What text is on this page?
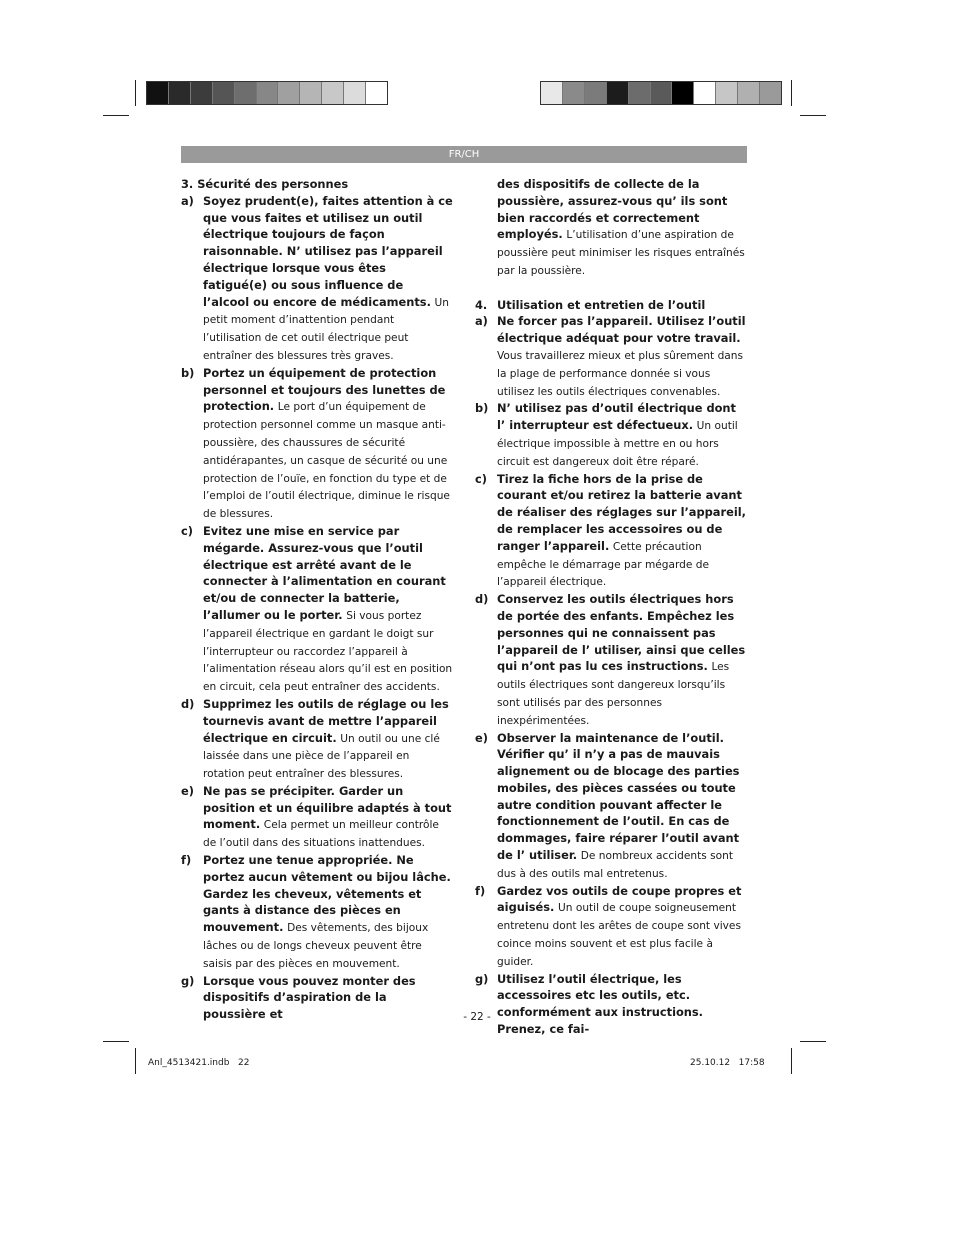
FR/CH

3. Sécurité des personnes

a) Soyez prudent(e), faites attention à ce que vous faites et utilisez un outil électrique toujours de façon raisonnable. N’ utilisez pas l’appareil électrique lorsque vous êtes fatigué(e) ou sous influence de l’alcool ou encore de médicaments. Un petit moment d’inattention pendant l’utilisation de cet outil électrique peut entraîner des blessures très graves.
b) Portez un équipement de protection personnel et toujours des lunettes de protection. Le port d’un équipement de protection personnel comme un masque anti-poussière, des chaussures de sécurité antidérapantes, un casque de sécurité ou une protection de l’ouïe, en fonction du type et de l’emploi de l’outil électrique, diminue le risque de blessures.
c) Evitez une mise en service par mégarde. Assurez-vous que l’outil électrique est arrêté avant de le connecter à l’alimentation en courant et/ou de connecter la batterie, l’allumer ou le porter. Si vous portez l’appareil électrique en gardant le doigt sur l’interrupteur ou raccordez l’appareil à l’alimentation réseau alors qu’il est en position en circuit, cela peut entraîner des accidents.
d) Supprimez les outils de réglage ou les tournevis avant de mettre l’appareil électrique en circuit. Un outil ou une clé laissée dans une pièce de l’appareil en rotation peut entraîner des blessures.
e) Ne pas se précipiter. Garder un position et un équilibre adaptés à tout moment. Cela permet un meilleur contrôle de l’outil dans des situations inattendues.
f)	Portez une tenue appropriée. Ne portez aucun vêtement ou bijou lâche. Gardez les cheveux, vêtements et gants à distance des pièces en mouvement. Des vêtements, des bijoux lâches ou de longs cheveux peuvent être saisis par des pièces en mouvement.
g) Lorsque vous pouvez monter des dispositifs d’aspiration de la poussière et
des dispositifs de collecte de la poussière, assurez-vous qu’ ils sont bien raccordés et correctement employés. L’utilisation d’une aspiration de poussière peut minimiser les risques entraînés par la poussière.
4. Utilisation et entretien de l’outil
a) Ne forcer pas l’appareil. Utilisez l’outil électrique adéquat pour votre travail. Vous travaillerez mieux et plus sûrement dans la plage de performance donnée si vous utilisez les outils électriques convenables.
b) N’ utilisez pas d’outil électrique dont l’ interrupteur est défectueux. Un outil électrique impossible à mettre en ou hors circuit est dangereux doit être réparé.
c) Tirez la fiche hors de la prise de courant et/ou retirez la batterie avant de réaliser des réglages sur l’appareil, de remplacer les accessoires ou de ranger l’appareil. Cette précaution empêche le démarrage par mégarde de l’appareil électrique.
d) Conservez les outils électriques hors de portée des enfants. Empêchez les personnes qui ne connaissent pas l’appareil de l’ utiliser, ainsi que celles qui n’ont pas lu ces instructions. Les outils électriques sont dangereux lorsqu’ils sont utilisés par des personnes inexpérimentées.
e) Observer la maintenance de l’outil. Vérifier qu’ il n’y a pas de mauvais alignement ou de blocage des parties mobiles, des pièces cassées ou toute autre condition pouvant affecter le fonctionnement de l’outil. En cas de dommages, faire réparer l’outil avant de l’ utiliser. De nombreux accidents sont dus à des outils mal entretenus.
f)	Gardez vos outils de coupe propres et aiguisés. Un outil de coupe soigneusement entretenu dont les arêtes de coupe sont vives coince moins souvent et est plus facile à guider.
g) Utilisez l’outil électrique, les accessoires etc les outils, etc. conformément aux instructions. Prenez, ce fai-
- 22 -
Anl_4513421.indb   22	25.10.12   17:58
